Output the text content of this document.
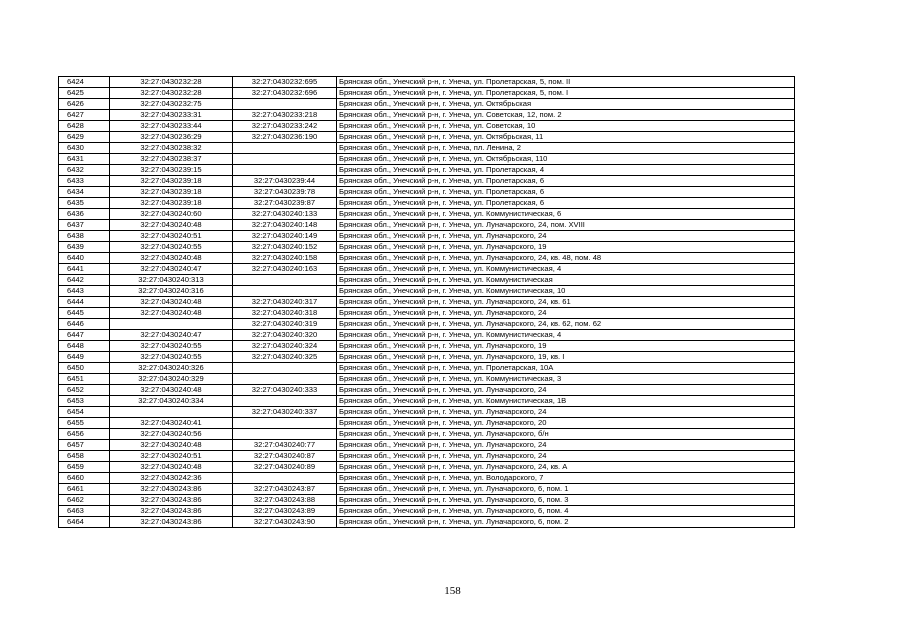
6424	32:27:0430232:28	32:27:0430232:695	Брянская обл., Унечский р-н, г. Унеча, ул. Пролетарская, 5, пом. II
6425	32:27:0430232:28	32:27:0430232:696	Брянская обл., Унечский р-н, г. Унеча, ул. Пролетарская, 5, пом. I
6426	32:27:0430232:75		Брянская обл., Унечский р-н, г. Унеча, ул. Октябрьская
6427	32:27:0430233:31	32:27:0430233:218	Брянская обл., Унечский р-н, г. Унеча, ул. Советская, 12, пом. 2
6428	32:27:0430233:44	32:27:0430233:242	Брянская обл., Унечский р-н, г. Унеча, ул. Советская, 10
6429	32:27:0430236:29	32:27:0430236:190	Брянская обл., Унечский р-н, г. Унеча, ул. Октябрьская, 11
6430	32:27:0430238:32		Брянская обл., Унечский р-н, г. Унеча, пл. Ленина, 2
6431	32:27:0430238:37		Брянская обл., Унечский р-н, г. Унеча, ул. Октябрьская, 110
6432	32:27:0430239:15		Брянская обл., Унечский р-н, г. Унеча, ул. Пролетарская, 4
6433	32:27:0430239:18	32:27:0430239:44	Брянская обл., Унечский р-н, г. Унеча, ул. Пролетарская, 6
6434	32:27:0430239:18	32:27:0430239:78	Брянская обл., Унечский р-н, г. Унеча, ул. Пролетарская, 6
6435	32:27:0430239:18	32:27:0430239:87	Брянская обл., Унечский р-н, г. Унеча, ул. Пролетарская, 6
6436	32:27:0430240:60	32:27:0430240:133	Брянская обл., Унечский р-н, г. Унеча, ул. Коммунистическая, 6
6437	32:27:0430240:48	32:27:0430240:148	Брянская обл., Унечский р-н, г. Унеча, ул. Луначарского, 24, пом. XVIII
6438	32:27:0430240:51	32:27:0430240:149	Брянская обл., Унечский р-н, г. Унеча, ул. Луначарского, 24
6439	32:27:0430240:55	32:27:0430240:152	Брянская обл., Унечский р-н, г. Унеча, ул. Луначарского, 19
6440	32:27:0430240:48	32:27:0430240:158	Брянская обл., Унечский р-н, г. Унеча, ул. Луначарского, 24, кв. 48, пом. 48
6441	32:27:0430240:47	32:27:0430240:163	Брянская обл., Унечский р-н, г. Унеча, ул. Коммунистическая, 4
6442	32:27:0430240:313		Брянская обл., Унечский р-н, г. Унеча, ул. Коммунистическая
6443	32:27:0430240:316		Брянская обл., Унечский р-н, г. Унеча, ул. Коммунистическая, 10
6444	32:27:0430240:48	32:27:0430240:317	Брянская обл., Унечский р-н, г. Унеча, ул. Луначарского, 24, кв. 61
6445	32:27:0430240:48	32:27:0430240:318	Брянская обл., Унечский р-н, г. Унеча, ул. Луначарского, 24
6446		32:27:0430240:319	Брянская обл., Унечский р-н, г. Унеча, ул. Луначарского, 24, кв. 62, пом. 62
6447	32:27:0430240:47	32:27:0430240:320	Брянская обл., Унечский р-н, г. Унеча, ул. Коммунистическая, 4
6448	32:27:0430240:55	32:27:0430240:324	Брянская обл., Унечский р-н, г. Унеча, ул. Луначарского, 19
6449	32:27:0430240:55	32:27:0430240:325	Брянская обл., Унечский р-н, г. Унеча, ул. Луначарского, 19, кв. I
6450	32:27:0430240:326		Брянская обл., Унечский р-н, г. Унеча, ул. Пролетарская, 10А
6451	32:27:0430240:329		Брянская обл., Унечский р-н, г. Унеча, ул. Коммунистическая, 3
6452	32:27:0430240:48	32:27:0430240:333	Брянская обл., Унечский р-н, г. Унеча, ул. Луначарского, 24
6453	32:27:0430240:334		Брянская обл., Унечский р-н, г. Унеча, ул. Коммунистическая, 1В
6454		32:27:0430240:337	Брянская обл., Унечский р-н, г. Унеча, ул. Луначарского, 24
6455	32:27:0430240:41		Брянская обл., Унечский р-н, г. Унеча, ул. Луначарского, 20
6456	32:27:0430240:56		Брянская обл., Унечский р-н, г. Унеча, ул. Луначарского, б/н
6457	32:27:0430240:48	32:27:0430240:77	Брянская обл., Унечский р-н, г. Унеча, ул. Луначарского, 24
6458	32:27:0430240:51	32:27:0430240:87	Брянская обл., Унечский р-н, г. Унеча, ул. Луначарского, 24
6459	32:27:0430240:48	32:27:0430240:89	Брянская обл., Унечский р-н, г. Унеча, ул. Луначарского, 24, кв. А
6460	32:27:0430242:36		Брянская обл., Унечский р-н, г. Унеча, ул. Володарского, 7
6461	32:27:0430243:86	32:27:0430243:87	Брянская обл., Унечский р-н, г. Унеча, ул. Луначарского, 6, пом. 1
6462	32:27:0430243:86	32:27:0430243:88	Брянская обл., Унечский р-н, г. Унеча, ул. Луначарского, 6, пом. 3
6463	32:27:0430243:86	32:27:0430243:89	Брянская обл., Унечский р-н, г. Унеча, ул. Луначарского, 6, пом. 4
6464	32:27:0430243:86	32:27:0430243:90	Брянская обл., Унечский р-н, г. Унеча, ул. Луначарского, 6, пом. 2
158
